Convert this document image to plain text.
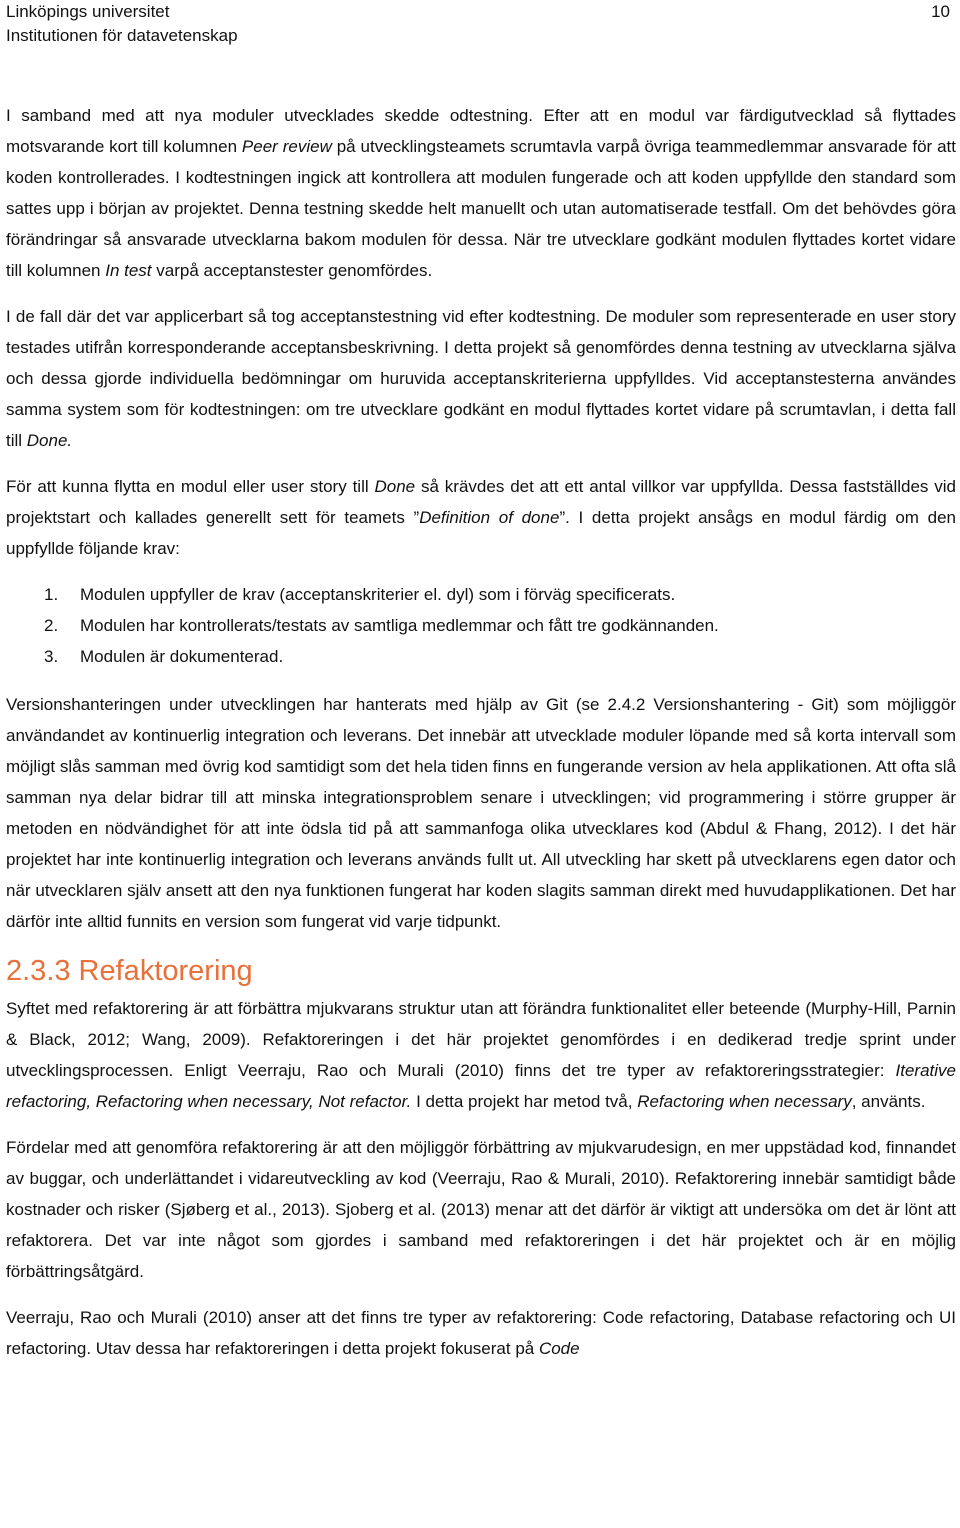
Linköpings universitet
Institutionen för datavetenskap
10

I samband med att nya moduler utvecklades skedde odtestning. Efter att en modul var färdigutvecklad så flyttades motsvarande kort till kolumnen Peer review på utvecklingsteamets scrumtavla varpå övriga teammedlemmar ansvarade för att koden kontrollerades. I kodtestningen ingick att kontrollera att modulen fungerade och att koden uppfyllde den standard som sattes upp i början av projektet. Denna testning skedde helt manuellt och utan automatiserade testfall. Om det behövdes göra förändringar så ansvarade utvecklarna bakom modulen för dessa. När tre utvecklare godkänt modulen flyttades kortet vidare till kolumnen In test varpå acceptanstester genomfördes.

I de fall där det var applicerbart så tog acceptanstestning vid efter kodtestning. De moduler som representerade en user story testades utifrån korresponderande acceptansbeskrivning. I detta projekt så genomfördes denna testning av utvecklarna själva och dessa gjorde individuella bedömningar om huruvida acceptanskriterierna uppfylldes. Vid acceptanstesterna användes samma system som för kodtestningen: om tre utvecklare godkänt en modul flyttades kortet vidare på scrumtavlan, i detta fall till Done.

För att kunna flytta en modul eller user story till Done så krävdes det att ett antal villkor var uppfyllda. Dessa fastställdes vid projektstart och kallades generellt sett för teamets ”Definition of done”. I detta projekt ansågs en modul färdig om den uppfyllde följande krav:

1.	Modulen uppfyller de krav (acceptanskriterier el. dyl) som i förväg specificerats.
2.	Modulen har kontrollerats/testats av samtliga medlemmar och fått tre godkännanden.
3.	Modulen är dokumenterad.

Versionshanteringen under utvecklingen har hanterats med hjälp av Git (se 2.4.2 Versionshantering - Git) som möjliggör användandet av kontinuerlig integration och leverans. Det innebär att utvecklade moduler löpande med så korta intervall som möjligt slås samman med övrig kod samtidigt som det hela tiden finns en fungerande version av hela applikationen. Att ofta slå samman nya delar bidrar till att minska integrationsproblem senare i utvecklingen; vid programmering i större grupper är metoden en nödvändighet för att inte ödsla tid på att sammanfoga olika utvecklares kod (Abdul & Fhang, 2012). I det här projektet har inte kontinuerlig integration och leverans används fullt ut. All utveckling har skett på utvecklarens egen dator och när utvecklaren själv ansett att den nya funktionen fungerat har koden slagits samman direkt med huvudapplikationen. Det har därför inte alltid funnits en version som fungerat vid varje tidpunkt.

2.3.3 Refaktorering

Syftet med refaktorering är att förbättra mjukvarans struktur utan att förändra funktionalitet eller beteende (Murphy-Hill, Parnin & Black, 2012; Wang, 2009). Refaktoreringen i det här projektet genomfördes i en dedikerad tredje sprint under utvecklingsprocessen. Enligt Veerraju, Rao och Murali (2010) finns det tre typer av refaktoreringsstrategier: Iterative refactoring, Refactoring when necessary, Not refactor. I detta projekt har metod två, Refactoring when necessary, använts.

Fördelar med att genomföra refaktorering är att den möjliggör förbättring av mjukvarudesign, en mer uppstädad kod, finnandet av buggar, och underlättandet i vidareutveckling av kod (Veerraju, Rao & Murali, 2010). Refaktorering innebär samtidigt både kostnader och risker (Sjøberg et al., 2013). Sjoberg et al. (2013) menar att det därför är viktigt att undersöka om det är lönt att refaktorera. Det var inte något som gjordes i samband med refaktoreringen i det här projektet och är en möjlig förbättringsåtgärd.

Veerraju, Rao och Murali (2010) anser att det finns tre typer av refaktorering: Code refactoring, Database refactoring och UI refactoring. Utav dessa har refaktoreringen i detta projekt fokuserat på Code
